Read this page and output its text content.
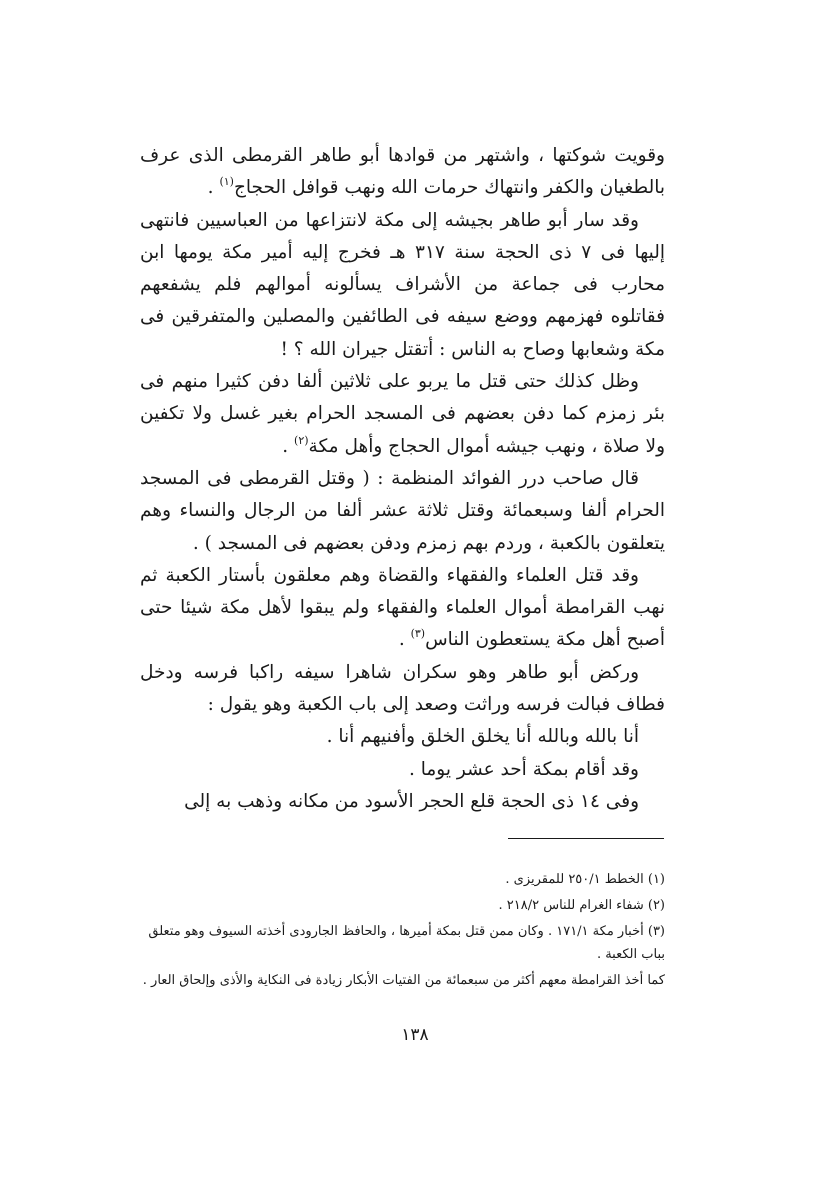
وقويت شوكتها ، واشتهر من قوادها أبو طاهر القرمطى الذى عرف بالطغيان والكفر وانتهاك حرمات الله ونهب قوافل الحجاج$^{(١)}$ .

وقد سار أبو طاهر بجيشه إلى مكة لانتزاعها من العباسيين فانتهى إليها فى ٧ ذى الحجة سنة ٣١٧ هـ فخرج إليه أمير مكة يومها ابن محارب فى جماعة من الأشراف يسألونه أموالهم فلم يشفعهم فقاتلوه فهزمهم ووضع سيفه فى الطائفين والمصلين والمتفرقين فى مكة وشعابها وصاح به الناس : أتقتل جيران الله ؟ !

وظل كذلك حتى قتل ما يربو على ثلاثين ألفا دفن كثيرا منهم فى بئر زمزم كما دفن بعضهم فى المسجد الحرام بغير غسل ولا تكفين ولا صلاة ، ونهب جيشه أموال الحجاج وأهل مكة$^{(٢)}$ .

قال صاحب درر الفوائد المنظمة : ( وقتل القرمطى فى المسجد الحرام ألفا وسبعمائة وقتل ثلاثة عشر ألفا من الرجال والنساء وهم يتعلقون بالكعبة ، وردم بهم زمزم ودفن بعضهم فى المسجد ) .

وقد قتل العلماء والفقهاء والقضاة وهم معلقون بأستار الكعبة ثم نهب القرامطة أموال العلماء والفقهاء ولم يبقوا لأهل مكة شيئا حتى أصبح أهل مكة يستعطون الناس$^{(٣)}$ .

وركض أبو طاهر وهو سكران شاهرا سيفه راكبا فرسه ودخل فطاف فبالت فرسه وراثت وصعد إلى باب الكعبة وهو يقول :

أنا بالله وبالله أنا يخلق الخلق وأفنيهم أنا .

وقد أقام بمكة أحد عشر يوما .

وفى ١٤ ذى الحجة قلع الحجر الأسود من مكانه وذهب به إلى

(١) الخطط ٢٥٠/١ للمقريزى .

(٢) شفاء الغرام للناس ٢١٨/٢ .

(٣) أخبار مكة ١٧١/١ . وكان ممن قتل بمكة أميرها ، والحافظ الجارودى أخذته السيوف وهو متعلق بباب الكعبة .

كما أخذ القرامطة معهم أكثر من سبعمائة من الفتيات الأبكار زيادة فى النكاية والأذى وإلحاق العار .

١٣٨
